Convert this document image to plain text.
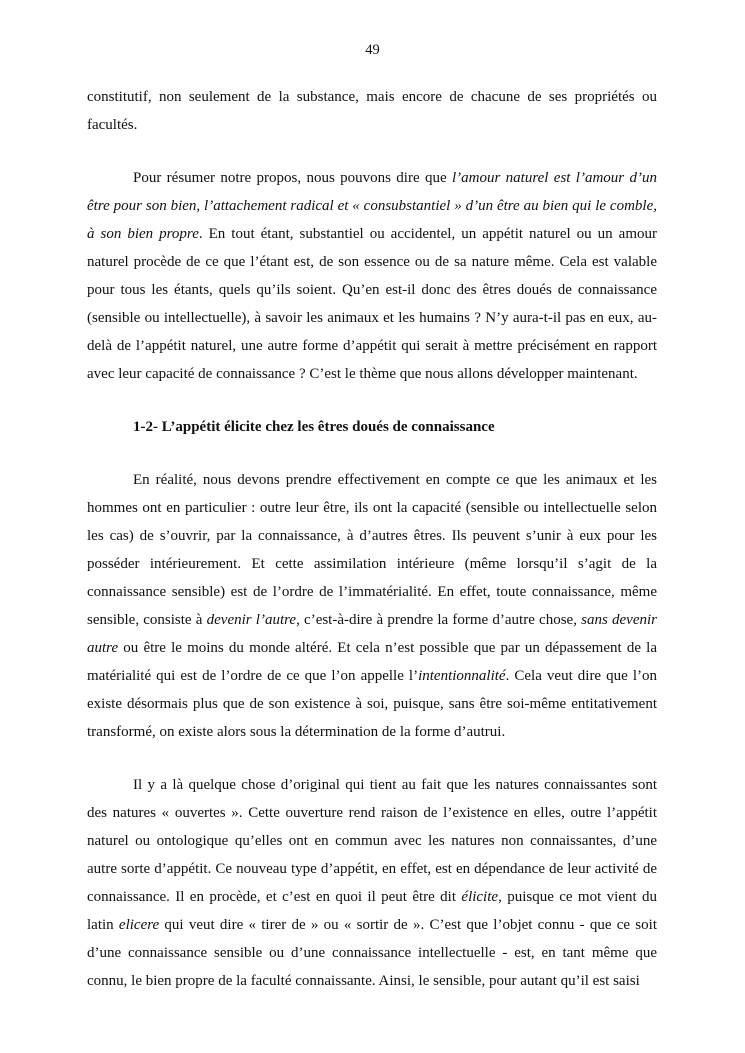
49

constitutif, non seulement de la substance, mais encore de chacune de ses propriétés ou facultés.

Pour résumer notre propos, nous pouvons dire que l’amour naturel est l’amour d’un être pour son bien, l’attachement radical et « consubstantiel » d’un être au bien qui le comble, à son bien propre. En tout étant, substantiel ou accidentel, un appétit naturel ou un amour naturel procède de ce que l’étant est, de son essence ou de sa nature même. Cela est valable pour tous les étants, quels qu’ils soient. Qu’en est-il donc des êtres doués de connaissance (sensible ou intellectuelle), à savoir les animaux et les humains ? N’y aura-t-il pas en eux, au-delà de l’appétit naturel, une autre forme d’appétit qui serait à mettre précisément en rapport avec leur capacité de connaissance ? C’est le thème que nous allons développer maintenant.

1-2- L’appétit élicite chez les êtres doués de connaissance

En réalité, nous devons prendre effectivement en compte ce que les animaux et les hommes ont en particulier : outre leur être, ils ont la capacité (sensible ou intellectuelle selon les cas) de s’ouvrir, par la connaissance, à d’autres êtres. Ils peuvent s’unir à eux pour les posséder intérieurement. Et cette assimilation intérieure (même lorsqu’il s’agit de la connaissance sensible) est de l’ordre de l’immatérialité. En effet, toute connaissance, même sensible, consiste à devenir l’autre, c’est-à-dire à prendre la forme d’autre chose, sans devenir autre ou être le moins du monde altéré. Et cela n’est possible que par un dépassement de la matérialité qui est de l’ordre de ce que l’on appelle l’intentionnalité. Cela veut dire que l’on existe désormais plus que de son existence à soi, puisque, sans être soi-même entitativement transformé, on existe alors sous la détermination de la forme d’autrui.

Il y a là quelque chose d’original qui tient au fait que les natures connaissantes sont des natures « ouvertes ». Cette ouverture rend raison de l’existence en elles, outre l’appétit naturel ou ontologique qu’elles ont en commun avec les natures non connaissantes, d’une autre sorte d’appétit. Ce nouveau type d’appétit, en effet, est en dépendance de leur activité de connaissance. Il en procède, et c’est en quoi il peut être dit élicite, puisque ce mot vient du latin elicere qui veut dire « tirer de » ou « sortir de ». C’est que l’objet connu - que ce soit d’une connaissance sensible ou d’une connaissance intellectuelle - est, en tant même que connu, le bien propre de la faculté connaissante. Ainsi, le sensible, pour autant qu’il est saisi
